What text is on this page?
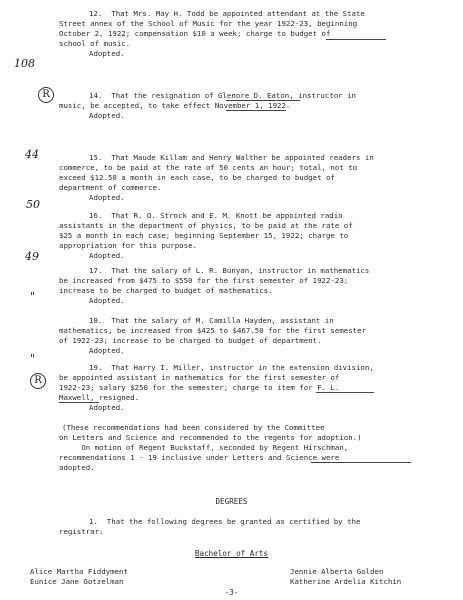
108
R
44
50
49
"
"
R
12.  That Mrs. May H. Todd be appointed attendant at the State
Street annex of the School of Music for the year 1922-23, beginning
October 2, 1922; compensation $10 a week; charge to budget of
school of music.
Adopted.
14.  That the resignation of Glenore D. Eaton, instructor in
music, be accepted, to take effect November 1, 1922.
Adopted.
15.  That Maude Killam and Henry Walther be appointed readers in
commerce, to be paid at the rate of 50 cents an hour; total, not to
exceed $12.50 a month in each case, to be charged to budget of
department of commerce.
Adopted.
16.  That R. O. Strock and E. M. Knott be appointed radio
assistants in the department of physics, to be paid at the rate of
$25 a month in each case; beginning September 15, 1922; charge to
appropriation for this purpose.
Adopted.
17.  That the salary of L. R. Bunyan, instructor in mathematics
be increased from $475 to $550 for the first semester of 1922-23;
increase to be charged to budget of mathematics.
Adopted.
18.  That the salary of M. Camilla Hayden, assistant in
mathematics, be increased from $425 to $467.50 for the first semester
of 1922-23; increase to be charged to budget of department.
Adopted.
19.  That Harry I. Miller, instructor in the extension division,
be appointed assistant in mathematics for the first semester of
1922-23; salary $250 for the semester; charge to item for F. L.
Maxwell, resigned.
Adopted.
(These recommendations had been considered by the Committee
on Letters and Science and recommended to the regents for adoption.)
On motion of Regent Buckstaff, seconded by Regent Hirschman,
recommendations 1 - 19 inclusive under Letters and Science were
adopted.
DEGREES
1.  That the following degrees be granted as certified by the
registrar:
Bachelor of Arts
Alice Martha Fiddyment
Eunice Jane Gotzelman
Jennie Alberta Golden
Katherine Ardelia Kitchin
-3-
